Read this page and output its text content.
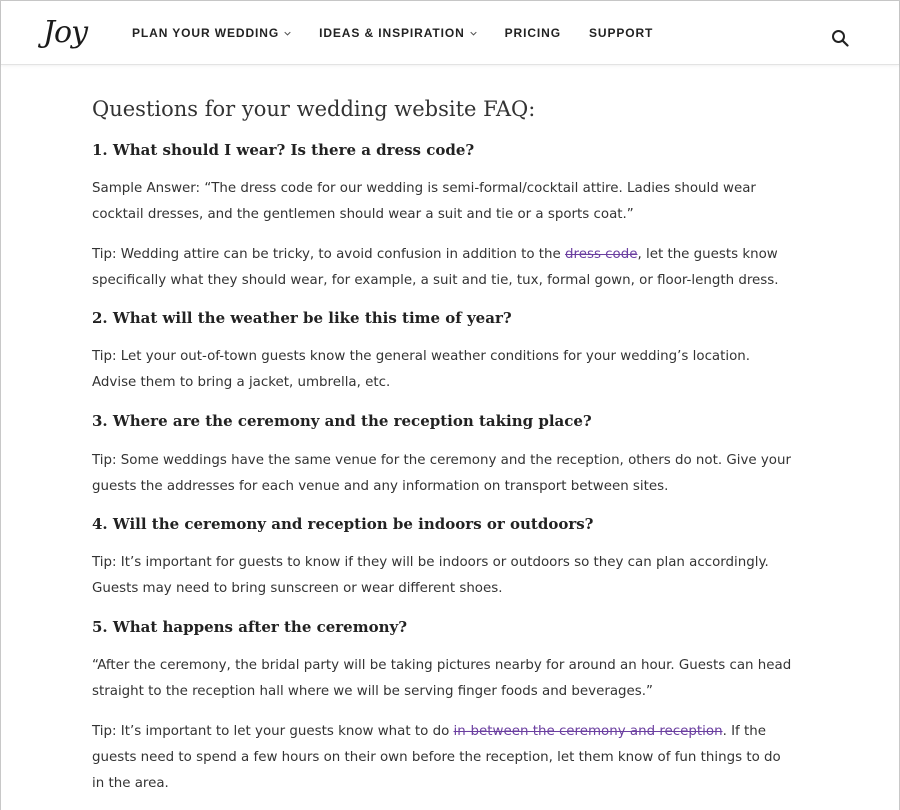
Joy	PLAN YOUR WEDDING	IDEAS & INSPIRATION	PRICING SUPPORT
Questions for your wedding website FAQ:
1. What should I wear? Is there a dress code?
Sample Answer: “The dress code for our wedding is semi-formal/cocktail attire. Ladies should wear
cocktail dresses, and the gentlemen should wear a suit and tie or a sports coat.”
Tip: Wedding attire can be tricky, to avoid confusion in addition to the dress code, let the guests know
specifically what they should wear, for example, a suit and tie, tux, formal gown, or floor-length dress.
2. What will the weather be like this time of year?
Tip: Let your out-of-town guests know the general weather conditions for your wedding’s location.
Advise them to bring a jacket, umbrella, etc.
3. Where are the ceremony and the reception taking place?
Tip: Some weddings have the same venue for the ceremony and the reception, others do not. Give your
guests the addresses for each venue and any information on transport between sites.
4. Will the ceremony and reception be indoors or outdoors?
Tip: It’s important for guests to know if they will be indoors or outdoors so they can plan accordingly.
Guests may need to bring sunscreen or wear different shoes.
5. What happens after the ceremony?
“After the ceremony, the bridal party will be taking pictures nearby for around an hour. Guests can head
straight to the reception hall where we will be serving finger foods and beverages.”
Tip: It’s important to let your guests know what to do in-between the ceremony and reception. If the
guests need to spend a few hours on their own before the reception, let them know of fun things to do
in the area.
